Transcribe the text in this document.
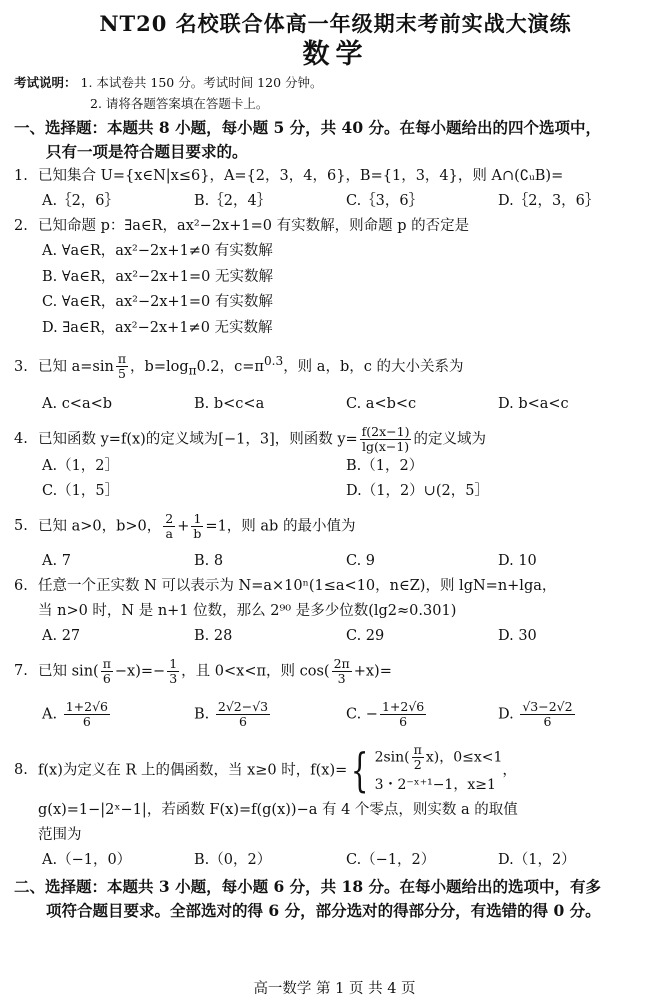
NT20 名校联合体高一年级期末考前实战大演练
数学
考试说明： 1. 本试卷共 150 分。考试时间 120 分钟。
2. 请将各题答案填在答题卡上。
一、选择题：本题共 8 小题，每小题 5 分，共 40 分。在每小题给出的四个选项中，
只有一项是符合题目要求的。
1. 已知集合 U={x∈N|x≤6}，A={2，3，4，6}，B={1，3，4}，则 A∩(∁ᵤB)=
A.｛2，6｝	B.｛2，4｝	C.｛3，6｝	D.｛2，3，6｝
2. 已知命题 p：∃a∈R，ax²−2x+1=0 有实数解，则命题 p 的否定是
A. ∀a∈R，ax²−2x+1≠0 有实数解
B. ∀a∈R，ax²−2x+1=0 无实数解
C. ∀a∈R，ax²−2x+1=0 有实数解
D. ∃a∈R，ax²−2x+1≠0 无实数解
3. 已知 $a=\sin \frac{\pi}{5}$ ，$b=\log_\pi 0.2$，$c=\pi^{0.3}$，则 a，b，c 的大小关系为
A. c<a<b	B. b<c<a	C. a<b<c	D. b<a<c
4. 已知函数 y=f(x)的定义域为[−1，3]，则函数 $y= \frac{f(2x-1)}{\lg(x-1)}$ 的定义域为
A.（1，2］	B.（1，2）
C.（1，5］	D.（1，2）∪(2，5］
5. 已知 a>0，b>0， $\frac{2}{a} + \frac{1}{b} =1$，则 ab 的最小值为
A. 7	B. 8	C. 9	D. 10
6. 任意一个正实数 N 可以表示为 N=a×10ⁿ(1≤a<10，n∈Z)，则 lgN=n+lga，
当 n>0 时，N 是 n+1 位数，那么 2⁹⁰ 是多少位数(lg2≈0.301)
A. 27	B. 28	C. 29	D. 30
7. 已知 $\sin( \frac{\pi}{6} -x)=- \frac{1}{3}$ ，且 0<x<π，则 $\cos( \frac{2\pi}{3} +x)=$
A. $\frac{1+2√6}{6}$	B. $\frac{2√2-√3}{6}$	C. − $\frac{1+2√6}{6}$	D. $\frac{√3-2√2}{6}$
8. f(x)为定义在 R 上的偶函数，当 x≥0 时，f(x)= { $2\sin( \frac{\pi}{2} x)$，0≤x<1
3・2⁻ˣ⁺¹−1，x≥1
，
g(x)=1−|2ˣ−1|，若函数 F(x)=f(g(x))−a 有 4 个零点，则实数 a 的取值
范围为
A.（−1，0）	B.（0，2）	C.（−1，2）	D.（1，2）
二、选择题：本题共 3 小题，每小题 6 分，共 18 分。在每小题给出的选项中，有多
项符合题目要求。全部选对的得 6 分，部分选对的得部分分，有选错的得 0 分。
高一数学 第 1 页 共 4 页
